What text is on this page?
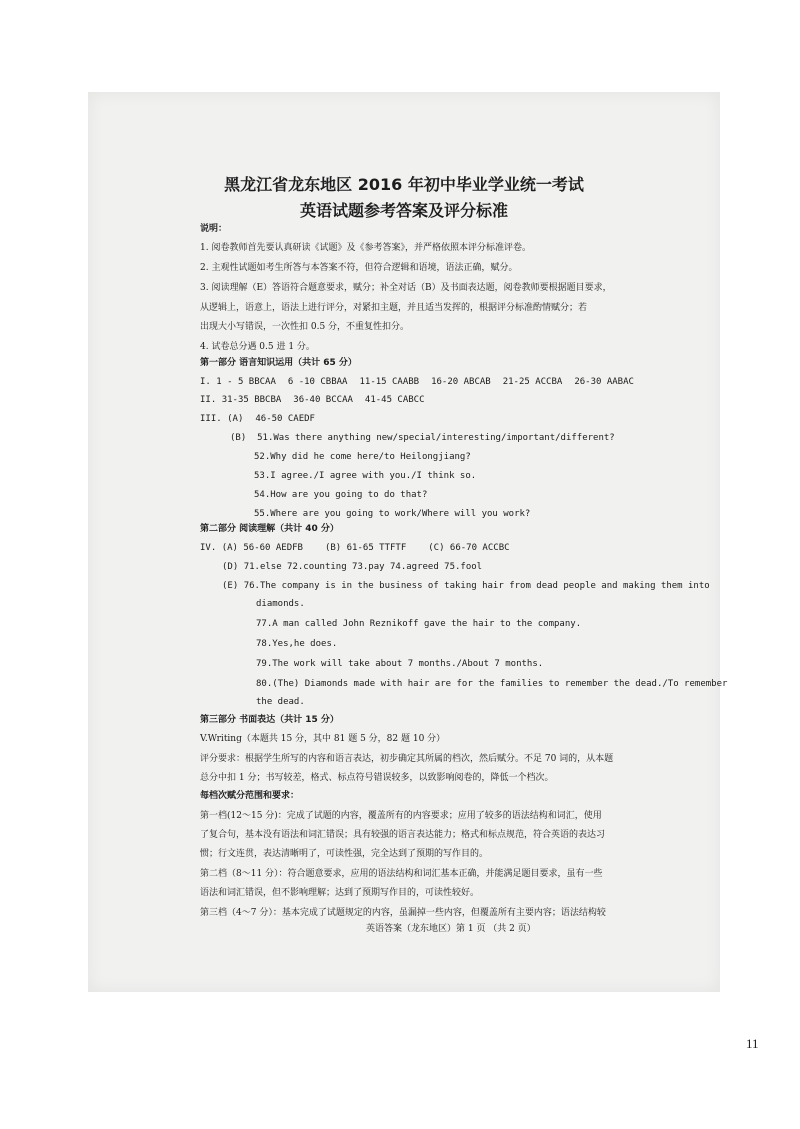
黑龙江省龙东地区 2016 年初中毕业学业统一考试
英语试题参考答案及评分标准
说明：
1. 阅卷教师首先要认真研读《试题》及《参考答案》，并严格依照本评分标准评卷。
2. 主观性试题如考生所答与本答案不符，但符合逻辑和语境，语法正确，赋分。
3. 阅读理解（E）答语符合题意要求，赋分；补全对话（B）及书面表达题，阅卷教师要根据题目要求，
从逻辑上，语意上，语法上进行评分，对紧扣主题，并且适当发挥的，根据评分标准酌情赋分；若
出现大小写错误，一次性扣 0.5 分，不重复性扣分。
4. 试卷总分遇 0.5 进 1 分。
第一部分 语言知识运用（共计 65 分）
I. 1 - 5 BBCAA 6 -10 CBBAA 11-15 CAABB 16-20 ABCAB 21-25 ACCBA 26-30 AABAC
II. 31-35 BBCBA 36-40 BCCAA 41-45 CABCC
III. (A) 46-50 CAEDF
(B) 51.Was there anything new/special/interesting/important/different?
52.Why did he come here/to Heilongjiang?
53.I agree./I agree with you./I think so.
54.How are you going to do that?
55.Where are you going to work/Where will you work?
第二部分 阅读理解（共计 40 分）
IV. (A) 56-60 AEDFB (B) 61-65 TTFTF (C) 66-70 ACCBC
(D) 71.else 72.counting 73.pay 74.agreed 75.fool
(E) 76.The company is in the business of taking hair from dead people and making them into
diamonds.
77.A man called John Reznikoff gave the hair to the company.
78.Yes,he does.
79.The work will take about 7 months./About 7 months.
80.(The) Diamonds made with hair are for the families to remember the dead./To remember
the dead.
第三部分 书面表达（共计 15 分）
V.Writing（本题共 15 分，其中 81 题 5 分，82 题 10 分）
评分要求：根据学生所写的内容和语言表达，初步确定其所属的档次，然后赋分。不足 70 词的，从本题
总分中扣 1 分；书写较差，格式、标点符号错误较多，以致影响阅卷的，降低一个档次。
每档次赋分范围和要求：
第一档(12～15 分)：完成了试题的内容，覆盖所有的内容要求；应用了较多的语法结构和词汇，使用
了复合句，基本没有语法和词汇错误；具有较强的语言表达能力；格式和标点规范，符合英语的表达习
惯；行文连贯，表达清晰明了，可读性强，完全达到了预期的写作目的。
第二档（8～11 分）：符合题意要求，应用的语法结构和词汇基本正确，并能满足题目要求，虽有一些
语法和词汇错误，但不影响理解；达到了预期写作目的，可读性较好。
第三档（4～7 分）：基本完成了试题规定的内容，虽漏掉一些内容，但覆盖所有主要内容；语法结构较
英语答案（龙东地区）第 1 页 （共 2 页）
11
